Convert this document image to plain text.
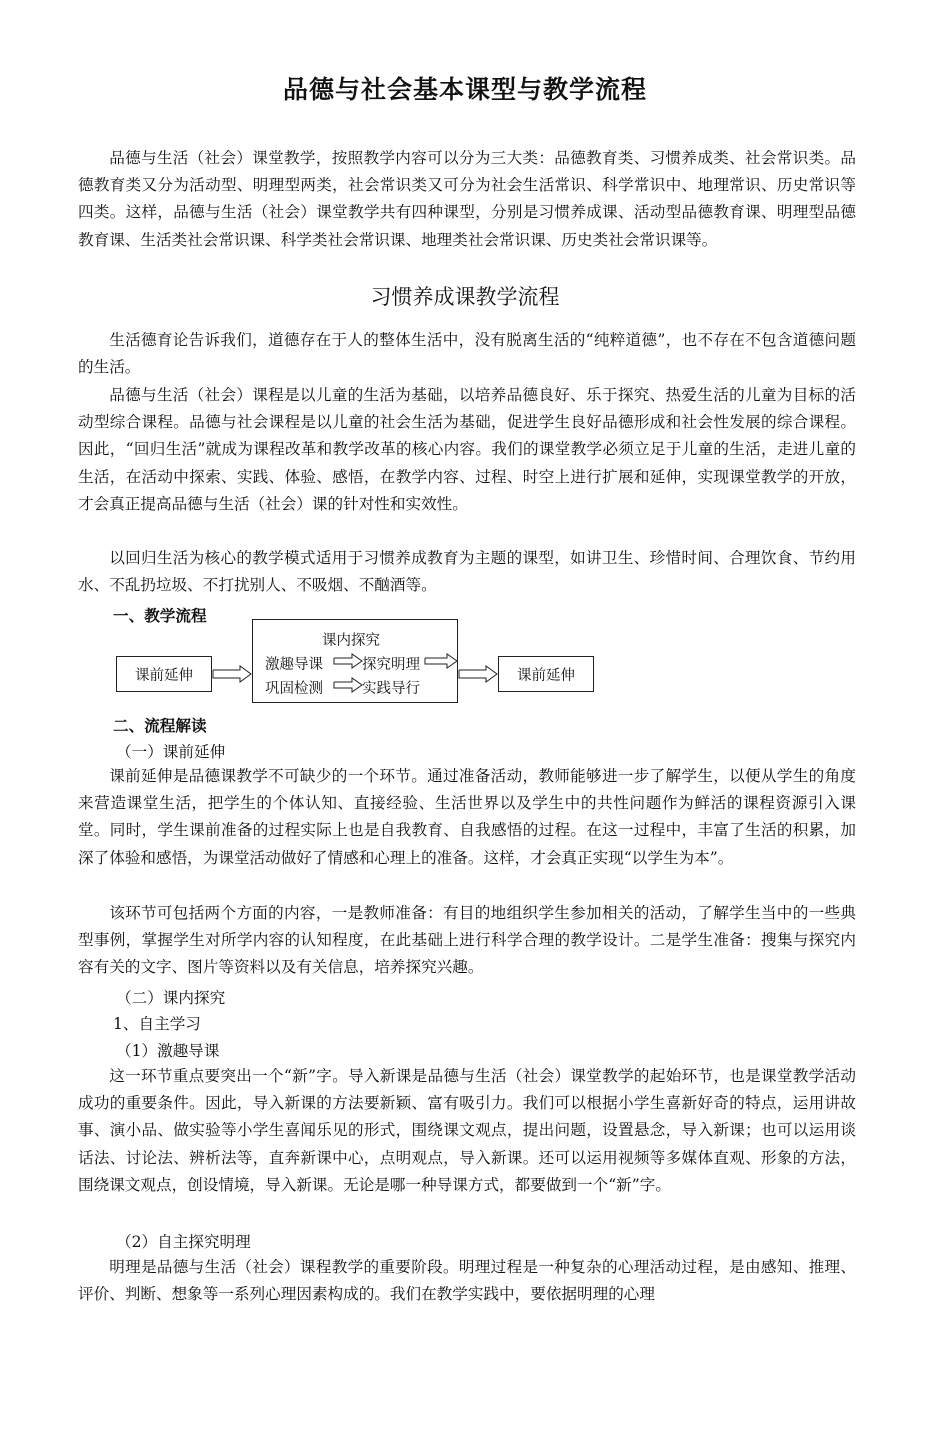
品德与社会基本课型与教学流程
品德与生活（社会）课堂教学，按照教学内容可以分为三大类：品德教育类、习惯养成类、社会常识类。品德教育类又分为活动型、明理型两类，社会常识类又可分为社会生活常识、科学常识中、地理常识、历史常识等四类。这样，品德与生活（社会）课堂教学共有四种课型，分别是习惯养成课、活动型品德教育课、明理型品德教育课、生活类社会常识课、科学类社会常识课、地理类社会常识课、历史类社会常识课等。
习惯养成课教学流程
生活德育论告诉我们，道德存在于人的整体生活中，没有脱离生活的“纯粹道德”，也不存在不包含道德问题的生活。
品德与生活（社会）课程是以儿童的生活为基础，以培养品德良好、乐于探究、热爱生活的儿童为目标的活动型综合课程。品德与社会课程是以儿童的社会生活为基础，促进学生良好品德形成和社会性发展的综合课程。因此，“回归生活”就成为课程改革和教学改革的核心内容。我们的课堂教学必须立足于儿童的生活，走进儿童的生活，在活动中探索、实践、体验、感悟，在教学内容、过程、时空上进行扩展和延伸，实现课堂教学的开放，才会真正提高品德与生活（社会）课的针对性和实效性。
以回归生活为核心的教学模式适用于习惯养成教育为主题的课型，如讲卫生、珍惜时间、合理饮食、节约用水、不乱扔垃圾、不打扰别人、不吸烟、不酗酒等。
一、教学流程
课前延伸
课内探究
激趣导课	探究明理
巩固检测	实践导行
课前延伸
二、流程解读
（一）课前延伸
课前延伸是品德课教学不可缺少的一个环节。通过准备活动，教师能够进一步了解学生，以便从学生的角度来营造课堂生活，把学生的个体认知、直接经验、生活世界以及学生中的共性问题作为鲜活的课程资源引入课堂。同时，学生课前准备的过程实际上也是自我教育、自我感悟的过程。在这一过程中，丰富了生活的积累，加深了体验和感悟，为课堂活动做好了情感和心理上的准备。这样，才会真正实现“以学生为本”。
该环节可包括两个方面的内容，一是教师准备：有目的地组织学生参加相关的活动，了解学生当中的一些典型事例，掌握学生对所学内容的认知程度，在此基础上进行科学合理的教学设计。二是学生准备：搜集与探究内容有关的文字、图片等资料以及有关信息，培养探究兴趣。
（二）课内探究
1、自主学习
（1）激趣导课
这一环节重点要突出一个“新”字。导入新课是品德与生活（社会）课堂教学的起始环节，也是课堂教学活动成功的重要条件。因此，导入新课的方法要新颖、富有吸引力。我们可以根据小学生喜新好奇的特点，运用讲故事、演小品、做实验等小学生喜闻乐见的形式，围绕课文观点，提出问题，设置悬念，导入新课；也可以运用谈话法、讨论法、辨析法等，直奔新课中心，点明观点，导入新课。还可以运用视频等多媒体直观、形象的方法，围绕课文观点，创设情境，导入新课。无论是哪一种导课方式，都要做到一个“新”字。
（2）自主探究明理
明理是品德与生活（社会）课程教学的重要阶段。明理过程是一种复杂的心理活动过程，是由感知、推理、评价、判断、想象等一系列心理因素构成的。我们在教学实践中，要依据明理的心理
